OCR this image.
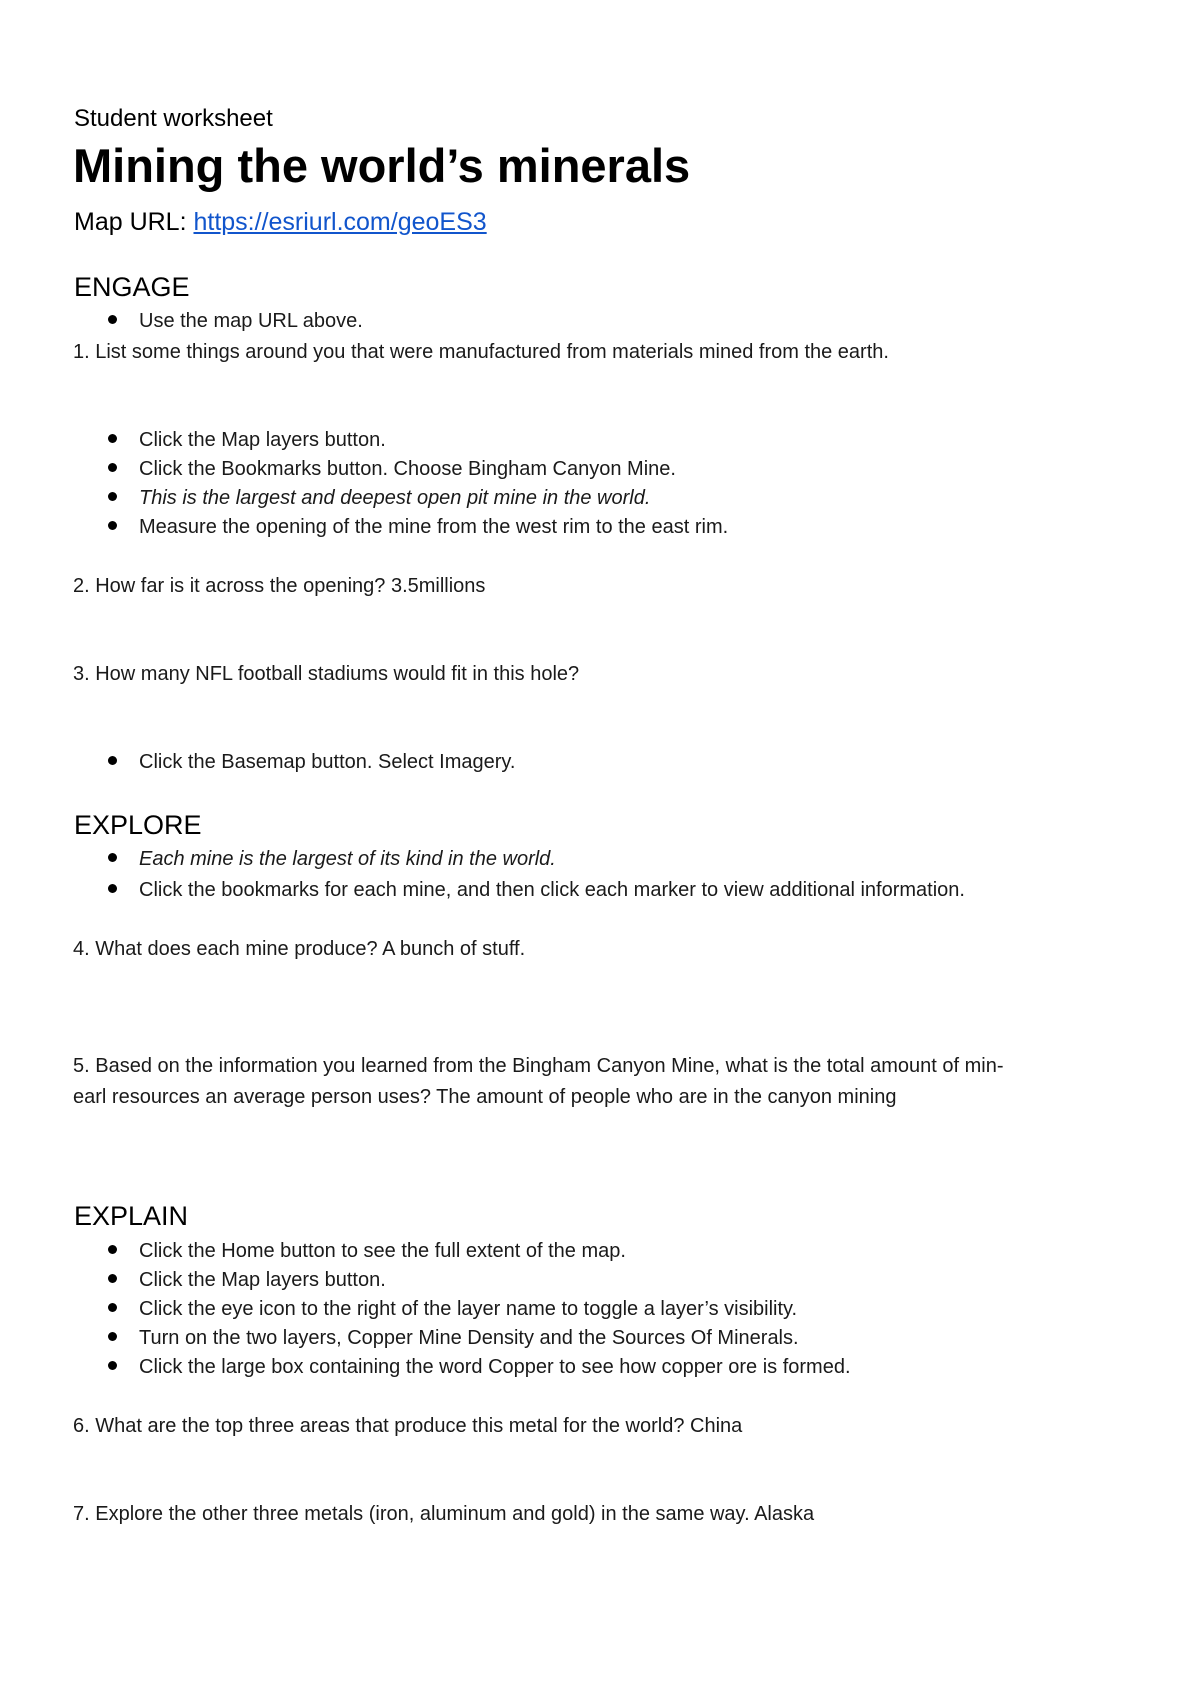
Student worksheet
Mining the world’s minerals
Map URL: https://esriurl.com/geoES3
ENGAGE
Use the map URL above.
1. List some things around you that were manufactured from materials mined from the earth.
Click the Map layers button.
Click the Bookmarks button. Choose Bingham Canyon Mine.
This is the largest and deepest open pit mine in the world.
Measure the opening of the mine from the west rim to the east rim.
2. How far is it across the opening? 3.5millions
3. How many NFL football stadiums would fit in this hole?
Click the Basemap button. Select Imagery.
EXPLORE
Each mine is the largest of its kind in the world.
Click the bookmarks for each mine, and then click each marker to view additional information.
4. What does each mine produce? A bunch of stuff.
5. Based on the information you learned from the Bingham Canyon Mine, what is the total amount of min-
earl resources an average person uses? The amount of people who are in the canyon mining
EXPLAIN
Click the Home button to see the full extent of the map.
Click the Map layers button.
Click the eye icon to the right of the layer name to toggle a layer’s visibility.
Turn on the two layers, Copper Mine Density and the Sources Of Minerals.
Click the large box containing the word Copper to see how copper ore is formed.
6. What are the top three areas that produce this metal for the world? China
7. Explore the other three metals (iron, aluminum and gold) in the same way. Alaska
